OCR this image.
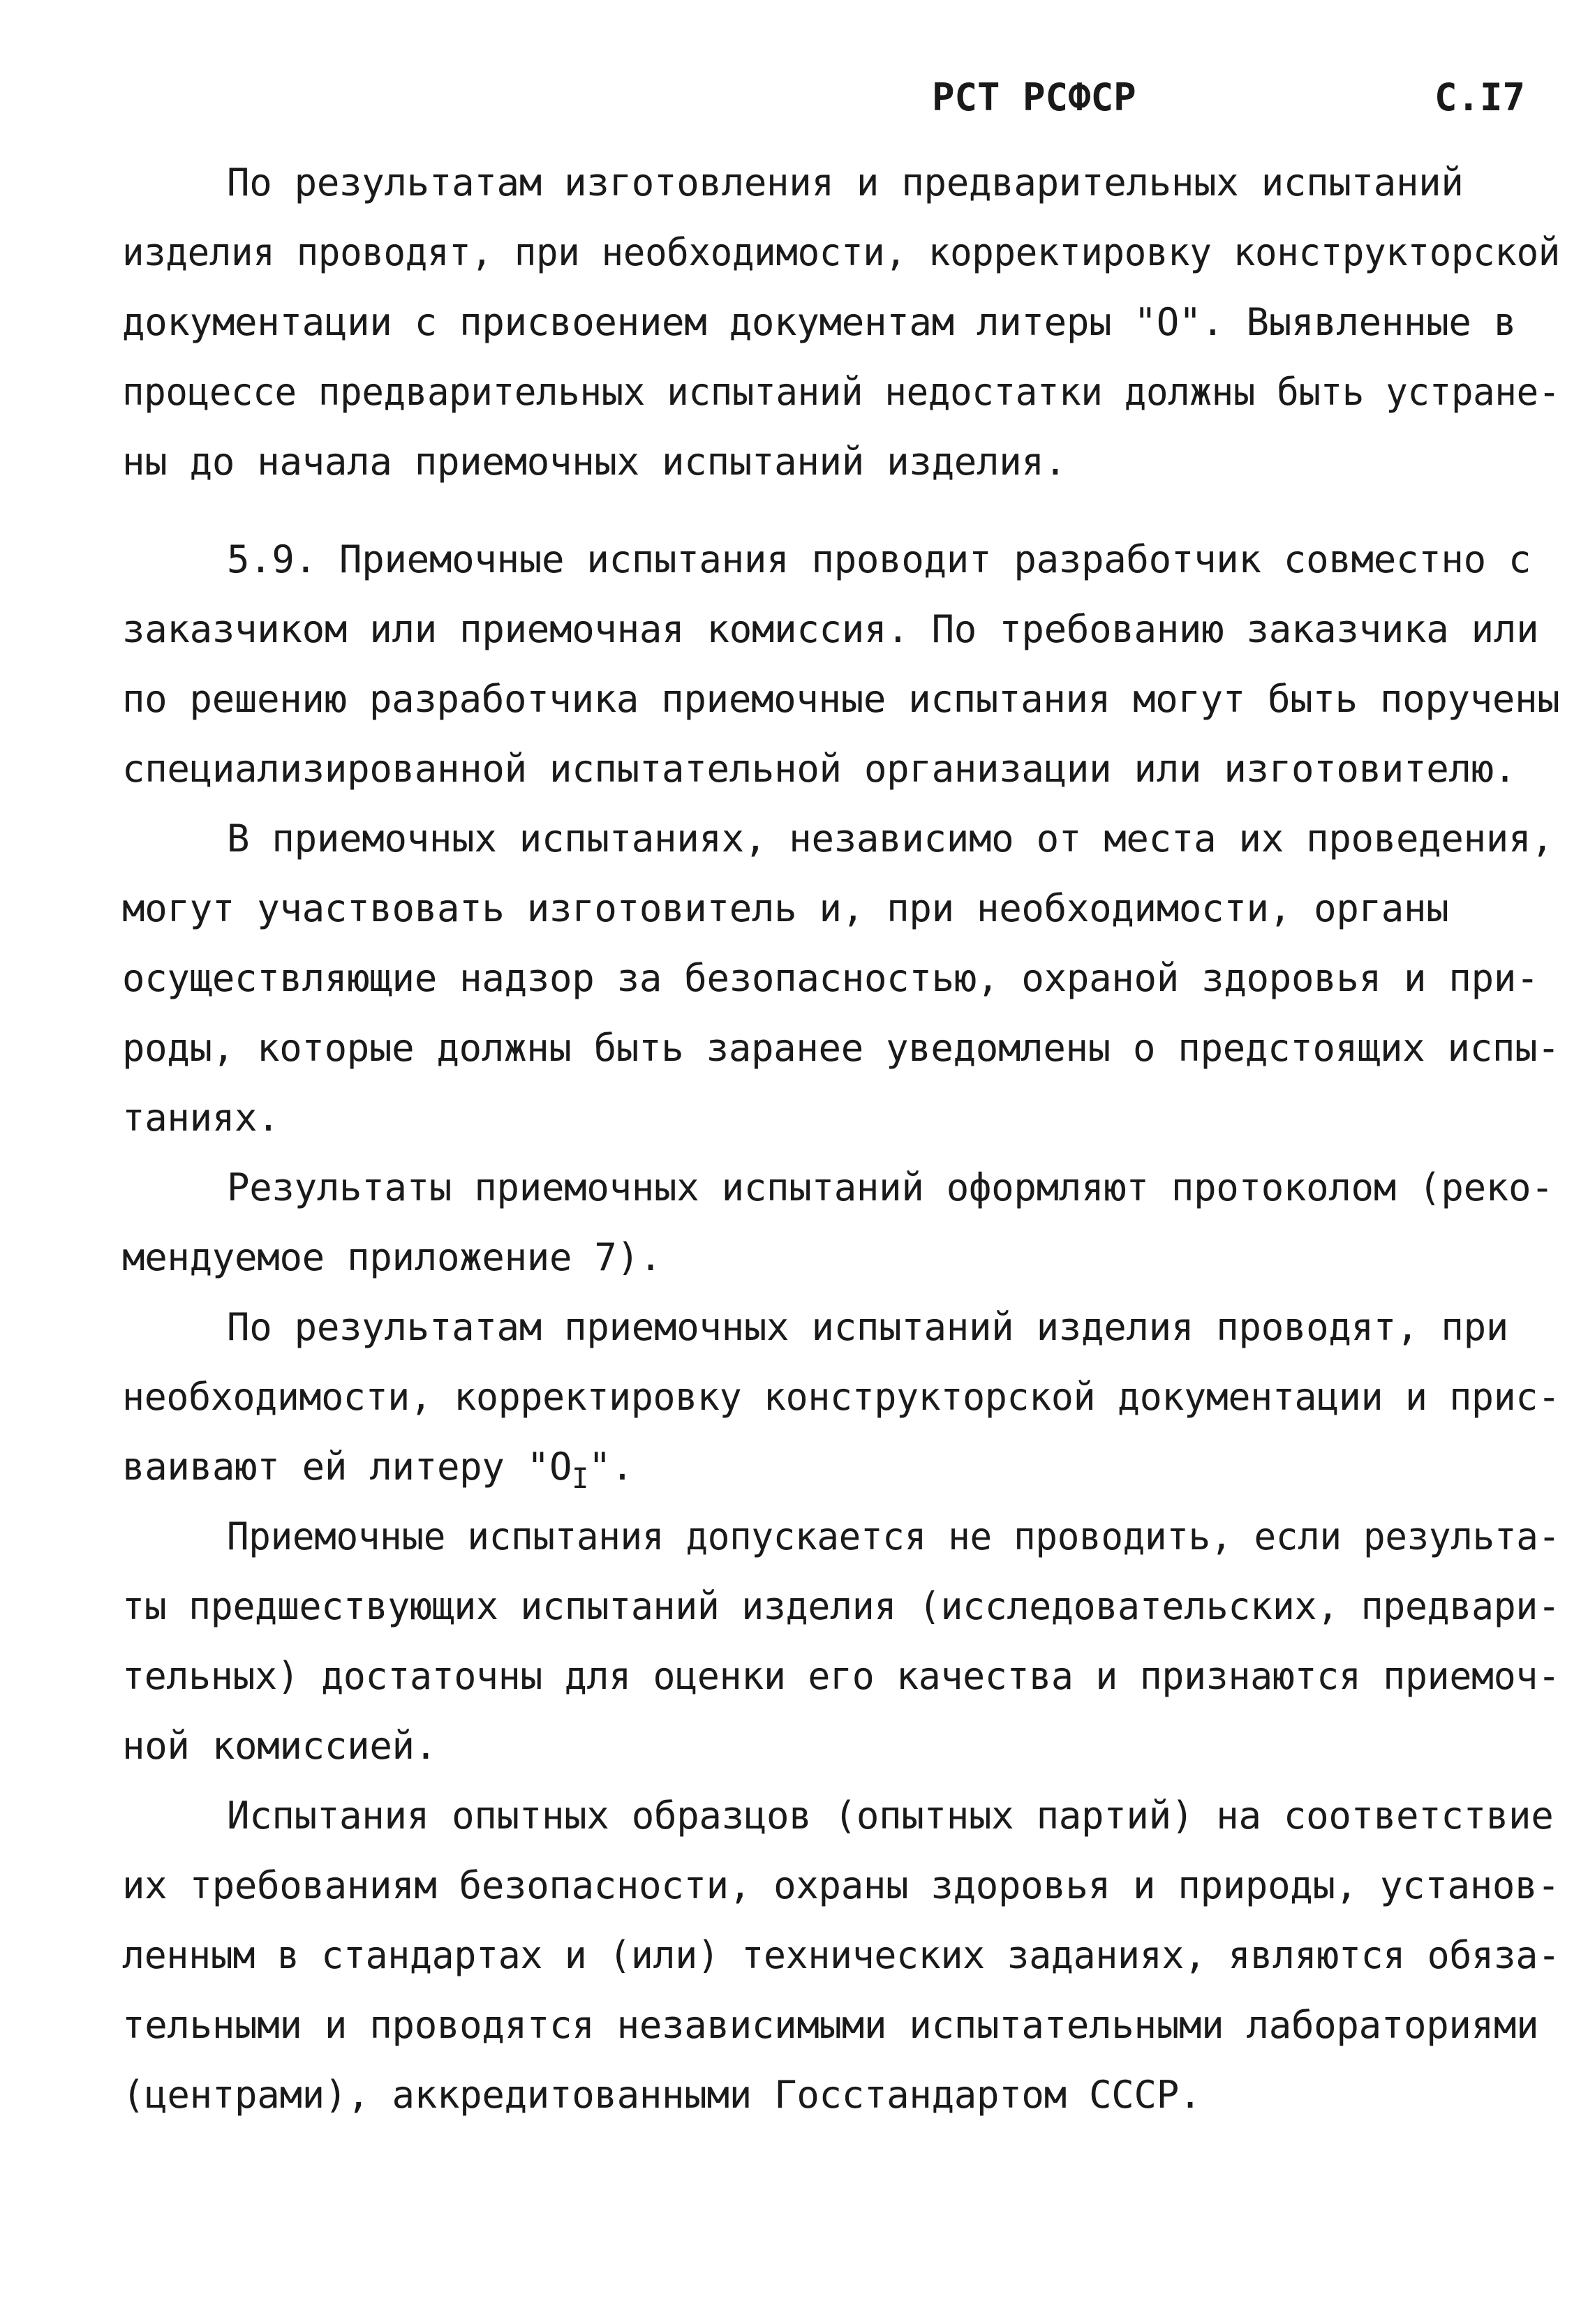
РСТ РСФСР	С.I7
По результатам изготовления и предварительных испытаний
изделия проводят, при необходимости, корректировку конструкторской
документации с присвоением документам литеры "О". Выявленные в
процессе предварительных испытаний недостатки должны быть устране-
ны до начала приемочных испытаний изделия.
5.9. Приемочные испытания проводит разработчик совместно с
заказчиком или приемочная комиссия. По требованию заказчика или
по решению разработчика приемочные испытания могут быть поручены
специализированной испытательной организации или изготовителю.
В приемочных испытаниях, независимо от места их проведения,
могут участвовать изготовитель и, при необходимости, органы
осуществляющие надзор за безопасностью, охраной здоровья и при-
роды, которые должны быть заранее уведомлены о предстоящих испы-
таниях.
Результаты приемочных испытаний оформляют протоколом (реко-
мендуемое приложение 7).
По результатам приемочных испытаний изделия проводят, при
необходимости, корректировку конструкторской документации и прис-
ваивают ей литеру "$О_I$".
Приемочные испытания допускается не проводить, если результа-
ты предшествующих испытаний изделия (исследовательских, предвари-
тельных) достаточны для оценки его качества и признаются приемоч-
ной комиссией.
Испытания опытных образцов (опытных партий) на соответствие
их требованиям безопасности, охраны здоровья и природы, установ-
ленным в стандартах и (или) технических заданиях, являются обяза-
тельными и проводятся независимыми испытательными лабораториями
(центрами), аккредитованными Госстандартом СССР.
